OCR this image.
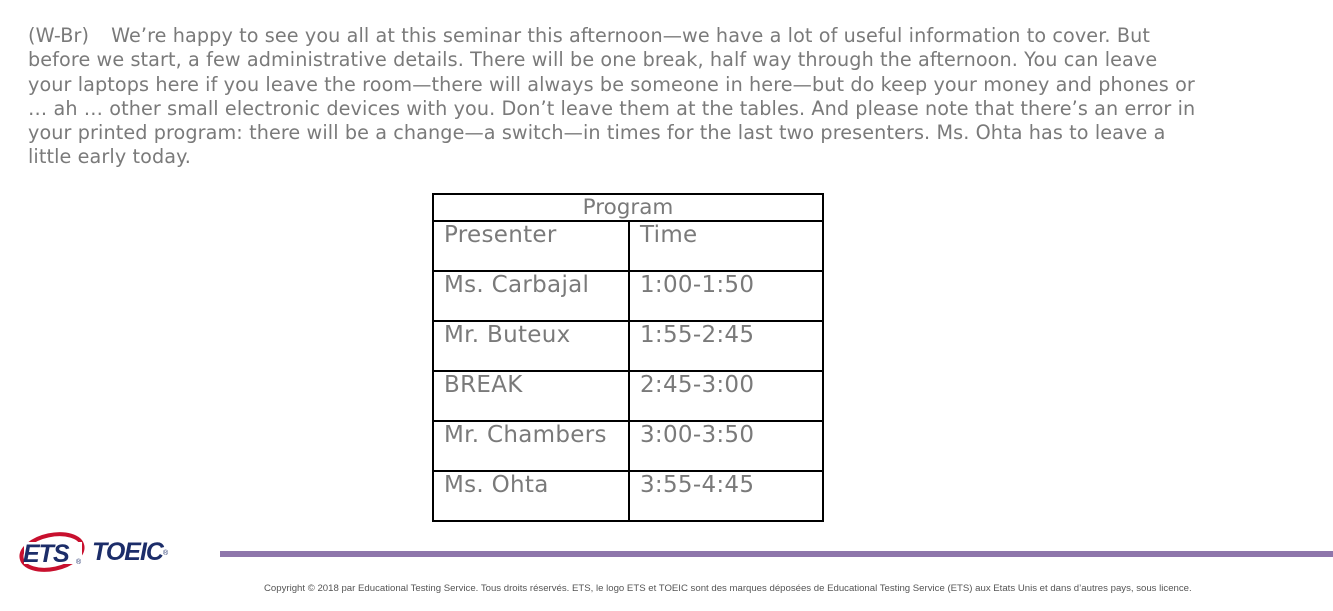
(W-Br) We’re happy to see you all at this seminar this afternoon—we have a lot of useful information to cover. But before we start, a few administrative details. There will be one break, half way through the afternoon. You can leave your laptops here if you leave the room—there will always be someone in here—but do keep your money and phones or … ah … other small electronic devices with you. Don’t leave them at the tables. And please note that there’s an error in your printed program: there will be a change—a switch—in times for the last two presenters. Ms. Ohta has to leave a little early today.
Program	
Presenter	Time
Ms. Carbajal	1:00-1:50
Mr. Buteux	1:55-2:45
BREAK	2:45-3:00
Mr. Chambers	3:00-3:50
Ms. Ohta	3:55-4:45
ETS ® TOEIC ®
Copyright © 2018 par Educational Testing Service. Tous droits réservés. ETS, le logo ETS et TOEIC sont des marques déposées de Educational Testing Service (ETS) aux Etats Unis et dans d’autres pays, sous licence.
